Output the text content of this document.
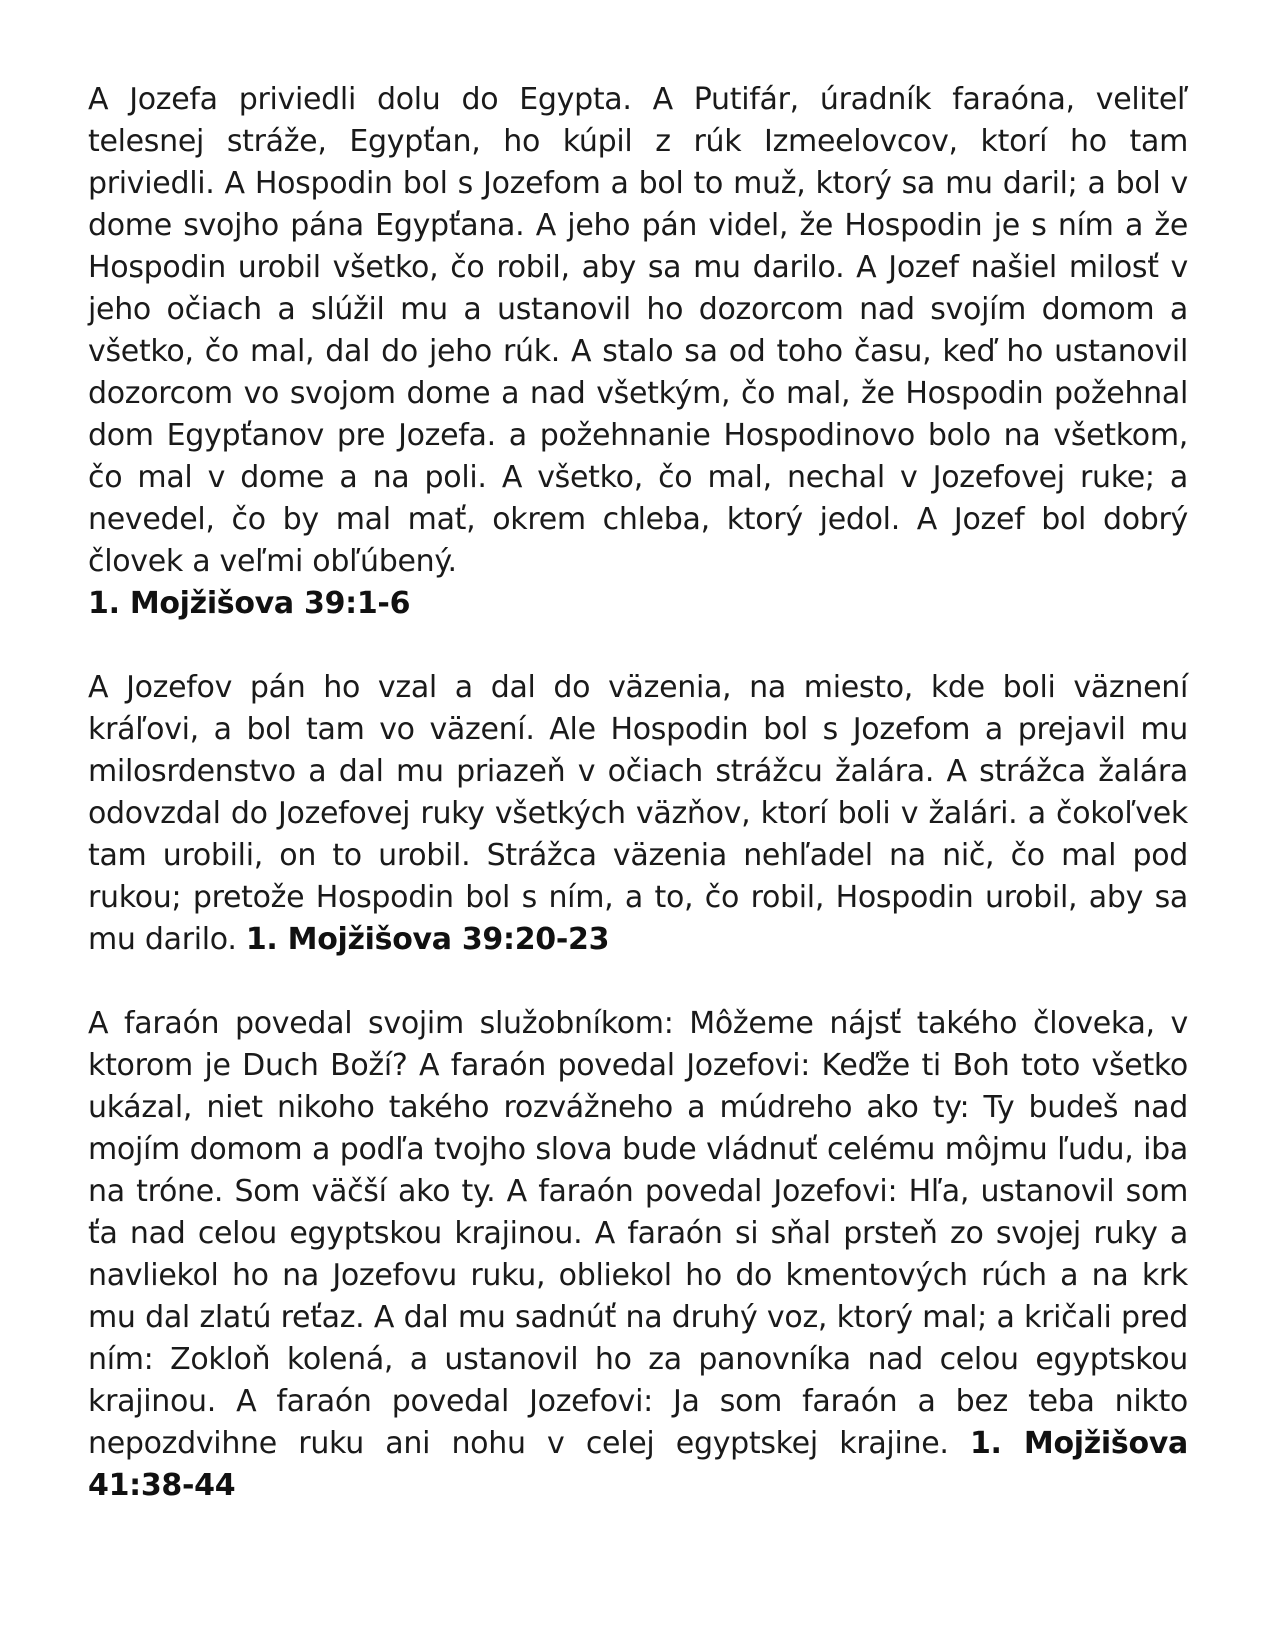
A Jozefa priviedli dolu do Egypta. A Putifár, úradník faraóna, veliteľ telesnej stráže, Egypťan, ho kúpil z rúk Izmeelovcov, ktorí ho tam priviedli. A Hospodin bol s Jozefom a bol to muž, ktorý sa mu daril; a bol v dome svojho pána Egypťana. A jeho pán videl, že Hospodin je s ním a že Hospodin urobil všetko, čo robil, aby sa mu darilo. A Jozef našiel milosť v jeho očiach a slúžil mu a ustanovil ho dozorcom nad svojím domom a všetko, čo mal, dal do jeho rúk. A stalo sa od toho času, keď ho ustanovil dozorcom vo svojom dome a nad všetkým, čo mal, že Hospodin požehnal dom Egypťanov pre Jozefa. a požehnanie Hospodinovo bolo na všetkom, čo mal v dome a na poli. A všetko, čo mal, nechal v Jozefovej ruke; a nevedel, čo by mal mať, okrem chleba, ktorý jedol. A Jozef bol dobrý človek a veľmi obľúbený.
1. Mojžišova 39:1-6

A Jozefov pán ho vzal a dal do väzenia, na miesto, kde boli väznení kráľovi, a bol tam vo väzení. Ale Hospodin bol s Jozefom a prejavil mu milosrdenstvo a dal mu priazeň v očiach strážcu žalára. A strážca žalára odovzdal do Jozefovej ruky všetkých väzňov, ktorí boli v žalári. a čokoľvek tam urobili, on to urobil. Strážca väzenia nehľadel na nič, čo mal pod rukou; pretože Hospodin bol s ním, a to, čo robil, Hospodin urobil, aby sa mu darilo. 1. Mojžišova 39:20-23

A faraón povedal svojim služobníkom: Môžeme nájsť takého človeka, v ktorom je Duch Boží? A faraón povedal Jozefovi: Keďže ti Boh toto všetko ukázal, niet nikoho takého rozvážneho a múdreho ako ty: Ty budeš nad mojím domom a podľa tvojho slova bude vládnuť celému môjmu ľudu, iba na tróne. Som väčší ako ty. A faraón povedal Jozefovi: Hľa, ustanovil som ťa nad celou egyptskou krajinou. A faraón si sňal prsteň zo svojej ruky a navliekol ho na Jozefovu ruku, obliekol ho do kmentových rúch a na krk mu dal zlatú reťaz. A dal mu sadnúť na druhý voz, ktorý mal; a kričali pred ním: Zokloň kolená, a ustanovil ho za panovníka nad celou egyptskou krajinou. A faraón povedal Jozefovi: Ja som faraón a bez teba nikto nepozdvihne ruku ani nohu v celej egyptskej krajine. 1. Mojžišova 41:38-44
